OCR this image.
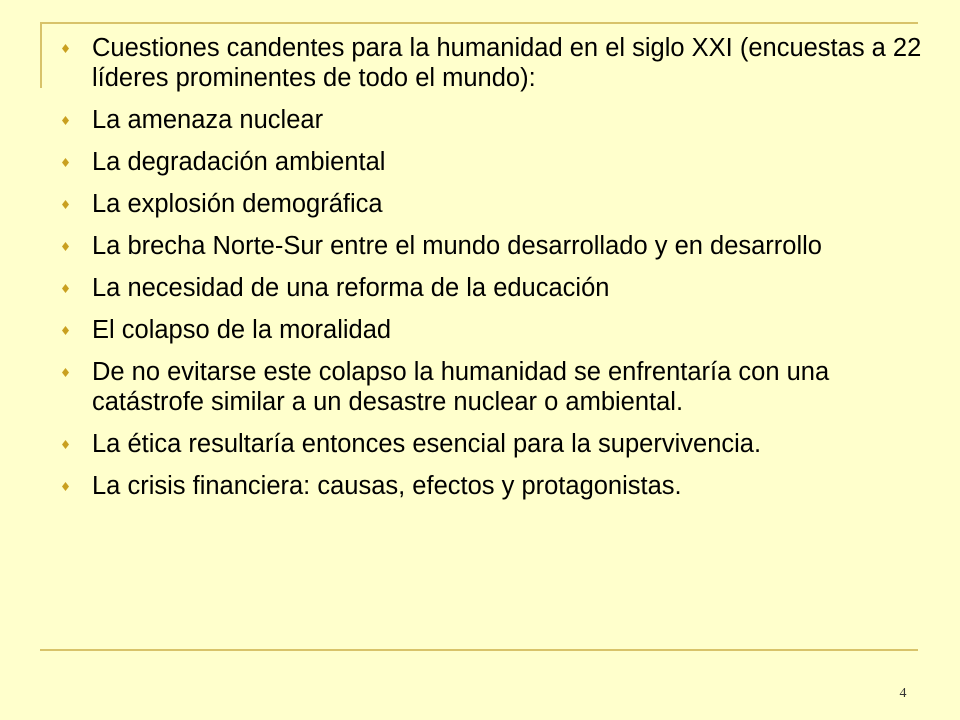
Cuestiones candentes para la humanidad en el siglo XXI (encuestas a 22 líderes prominentes de todo el mundo):
La amenaza nuclear
La degradación ambiental
La explosión demográfica
La brecha Norte-Sur entre el mundo desarrollado y en desarrollo
La necesidad de una reforma de la educación
El colapso de la moralidad
De no evitarse este colapso la humanidad se enfrentaría con una catástrofe similar a un desastre nuclear o ambiental.
La ética resultaría entonces esencial para la supervivencia.
La crisis financiera: causas, efectos y protagonistas.
4
